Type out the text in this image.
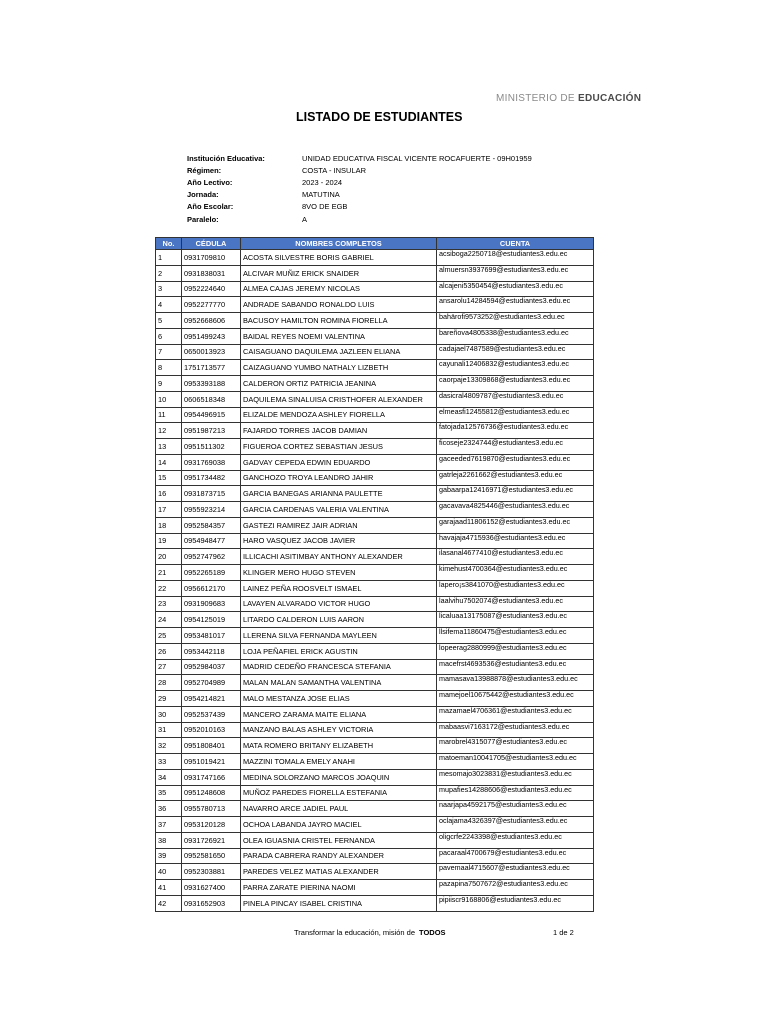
MINISTERIO DE EDUCACIÓN
LISTADO DE ESTUDIANTES
Institución Educativa:	UNIDAD EDUCATIVA FISCAL VICENTE ROCAFUERTE - 09H01959
Régimen:	COSTA - INSULAR
Año Lectivo:	2023 - 2024
Jornada:	MATUTINA
Año Escolar:	8VO DE EGB
Paralelo:	A
No.	CÉDULA	NOMBRES COMPLETOS	CUENTA
1	0931709810	ACOSTA SILVESTRE BORIS GABRIEL	acsiboga2250718@estudiantes3.edu.ec
2	0931838031	ALCIVAR MUÑIZ ERICK SNAIDER	almuersn3937699@estudiantes3.edu.ec
3	0952224640	ALMEA CAJAS JEREMY NICOLAS	alcajeni5350454@estudiantes3.edu.ec
4	0952277770	ANDRADE SABANDO RONALDO LUIS	ansarolu14284594@estudiantes3.edu.ec
5	0952668606	BACUSOY HAMILTON ROMINA FIORELLA	bahärofi9573252@estudiantes3.edu.ec
6	0951499243	BAIDAL REYES NOEMI VALENTINA	bareñova4805338@estudiantes3.edu.ec
7	0650013923	CAISAGUANO DAQUILEMA JAZLEEN ELIANA	cadajael7487589@estudiantes3.edu.ec
8	1751713577	CAIZAGUANO YUMBO NATHALY LIZBETH	cayunali12406832@estudiantes3.edu.ec
9	0953393188	CALDERON ORTIZ PATRICIA JEANINA	caorpaje13309868@estudiantes3.edu.ec
10	0606518348	DAQUILEMA SINALUISA CRISTHOFER ALEXANDER	dasicral4809787@estudiantes3.edu.ec
11	0954496915	ELIZALDE MENDOZA ASHLEY FIORELLA	elmeasfi12455812@estudiantes3.edu.ec
12	0951987213	FAJARDO TORRES JACOB DAMIAN	fatojada12576736@estudiantes3.edu.ec
13	0951511302	FIGUEROA CORTEZ SEBASTIAN JESUS	ficoseje2324744@estudiantes3.edu.ec
14	0931769038	GADVAY CEPEDA EDWIN EDUARDO	gaceeded7619870@estudiantes3.edu.ec
15	0951734482	GANCHOZO TROYA LEANDRO JAHIR	gatrleja2261662@estudiantes3.edu.ec
16	0931873715	GARCIA BANEGAS ARIANNA PAULETTE	gabaarpa12416971@estudiantes3.edu.ec
17	0955923214	GARCIA CARDENAS VALERIA VALENTINA	gacavava4825446@estudiantes3.edu.ec
18	0952584357	GASTEZI RAMIREZ JAIR ADRIAN	garajaad11806152@estudiantes3.edu.ec
19	0954948477	HARO VASQUEZ JACOB JAVIER	havajaja4715936@estudiantes3.edu.ec
20	0952747962	ILLICACHI ASITIMBAY ANTHONY ALEXANDER	ilasanal4677410@estudiantes3.edu.ec
21	0952265189	KLINGER MERO HUGO STEVEN	kimehust4700364@estudiantes3.edu.ec
22	0956612170	LAINEZ PEÑA ROOSVELT ISMAEL	lapero¡s3841070@estudiantes3.edu.ec
23	0931909683	LAVAYEN ALVARADO VICTOR HUGO	laalvihu7502074@estudiantes3.edu.ec
24	0954125019	LITARDO CALDERON LUIS AARON	licaluaa13175087@estudiantes3.edu.ec
25	0953481017	LLERENA SILVA FERNANDA MAYLEEN	llsifema11860475@estudiantes3.edu.ec
26	0953442118	LOJA PEÑAFIEL ERICK AGUSTIN	lopeerag2880999@estudiantes3.edu.ec
27	0952984037	MADRID CEDEÑO FRANCESCA STEFANIA	macefrst4693536@estudiantes3.edu.ec
28	0952704989	MALAN MALAN SAMANTHA VALENTINA	mamasava13988878@estudiantes3.edu.ec
29	0954214821	MALO MESTANZA JOSE ELIAS	mamejoel10675442@estudiantes3.edu.ec
30	0952537439	MANCERO ZARAMA MAITE ELIANA	mazamael4706361@estudiantes3.edu.ec
31	0952010163	MANZANO BALAS ASHLEY VICTORIA	mabaasvi7163172@estudiantes3.edu.ec
32	0951808401	MATA ROMERO BRITANY ELIZABETH	marobrel4315077@estudiantes3.edu.ec
33	0951019421	MAZZINI TOMALA EMELY ANAHI	matoeman10041705@estudiantes3.edu.ec
34	0931747166	MEDINA SOLORZANO MARCOS JOAQUIN	mesomajo3023831@estudiantes3.edu.ec
35	0951248608	MUÑOZ PAREDES FIORELLA ESTEFANIA	mupafies14288606@estudiantes3.edu.ec
36	0955780713	NAVARRO ARCE JADIEL PAUL	naarjapa4592175@estudiantes3.edu.ec
37	0953120128	OCHOA LABANDA JAYRO MACIEL	oclajama4326397@estudiantes3.edu.ec
38	0931726921	OLEA IGUASNIA CRISTEL FERNANDA	oligcrfe2243398@estudiantes3.edu.ec
39	0952581650	PARADA CABRERA RANDY ALEXANDER	pacaraal4700679@estudiantes3.edu.ec
40	0952303881	PAREDES VELEZ MATIAS ALEXANDER	pavemaal4715607@estudiantes3.edu.ec
41	0931627400	PARRA ZARATE PIERINA NAOMI	pazapina7507672@estudiantes3.edu.ec
42	0931652903	PINELA PINCAY ISABEL CRISTINA	pipiiscr9168806@estudiantes3.edu.ec
Transformar la educación, misión de TODOS	1 de 2
